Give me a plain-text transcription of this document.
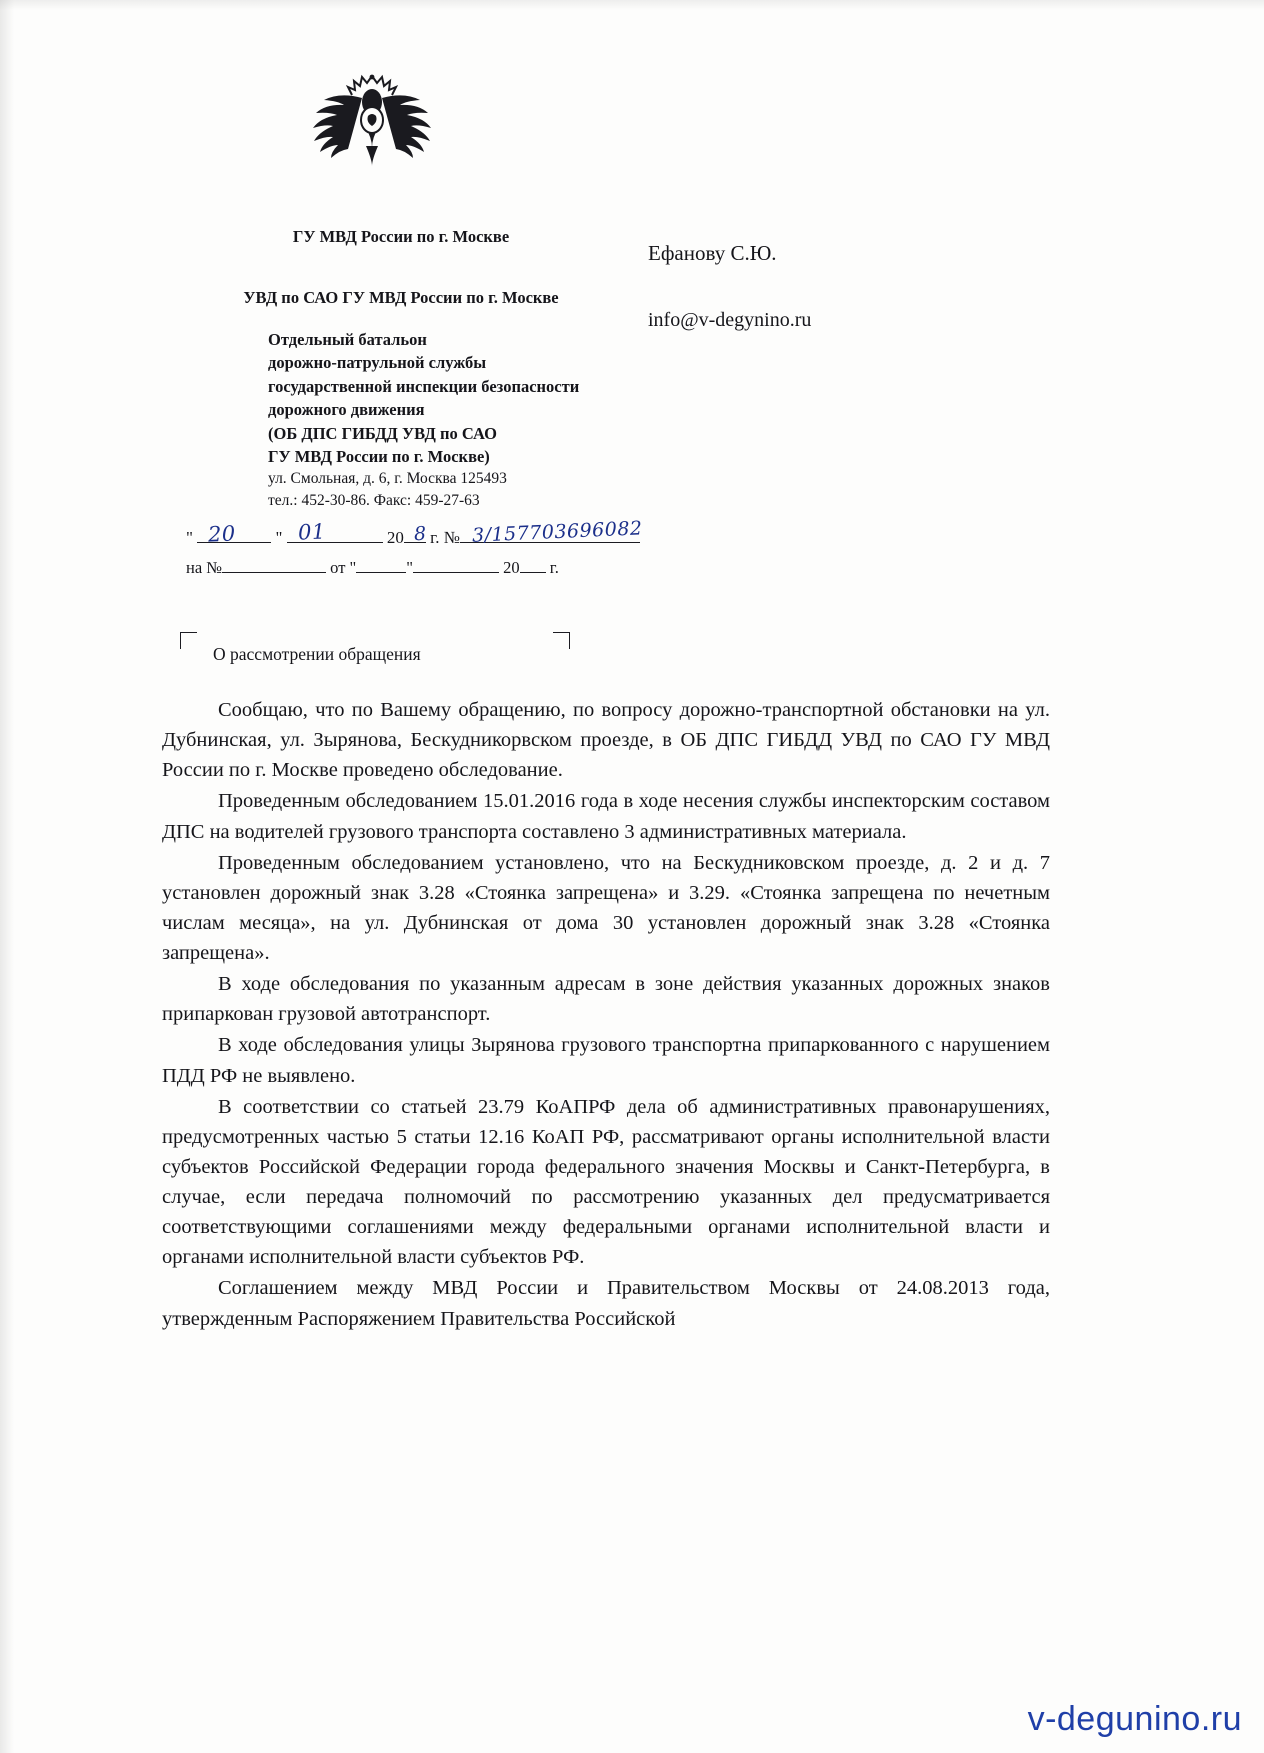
ГУ МВД России по г. Москве
УВД по САО ГУ МВД России по г. Москве
Отдельный батальон
дорожно-патрульной службы
государственной инспекции безопасности
дорожного движения
(ОБ ДПС ГИБДД УВД по САО
ГУ МВД России по г. Москве)
ул. Смольная, д. 6, г. Москва 125493
тел.: 452-30-86. Факс: 459-27-63
Ефанову С.Ю.
info@v-degynino.ru
"	"	20 г. №
20	01	8 3/157703696082
на №	от "	"	20 г.
О рассмотрении обращения

Сообщаю, что по Вашему обращению, по вопросу дорожно-транспортной обстановки на ул. Дубнинская, ул. Зырянова, Бескудникорвском проезде, в ОБ ДПС ГИБДД УВД по САО ГУ МВД России по г. Москве проведено обследование.

Проведенным обследованием 15.01.2016 года в ходе несения службы инспекторским составом ДПС на водителей грузового транспорта составлено 3 административных материала.

Проведенным обследованием установлено, что на Бескудниковском проезде, д. 2 и д. 7 установлен дорожный знак 3.28 «Стоянка запрещена» и 3.29. «Стоянка запрещена по нечетным числам месяца», на ул. Дубнинская от дома 30 установлен дорожный знак 3.28 «Стоянка запрещена».

В ходе обследования по указанным адресам в зоне действия указанных дорожных знаков припаркован грузовой автотранспорт.

В ходе обследования улицы Зырянова грузового транспортна припаркованного с нарушением ПДД РФ не выявлено.

В соответствии со статьей 23.79 КоАПРФ дела об административных правонарушениях, предусмотренных частью 5 статьи 12.16 КоАП РФ, рассматривают органы исполнительной власти субъектов Российской Федерации города федерального значения Москвы и Санкт-Петербурга, в случае, если передача полномочий по рассмотрению указанных дел предусматривается соответствующими соглашениями между федеральными органами исполнительной власти и органами исполнительной власти субъектов РФ.

Соглашением между МВД России и Правительством Москвы от 24.08.2013 года, утвержденным Распоряжением Правительства Российской

v-degunino.ru
